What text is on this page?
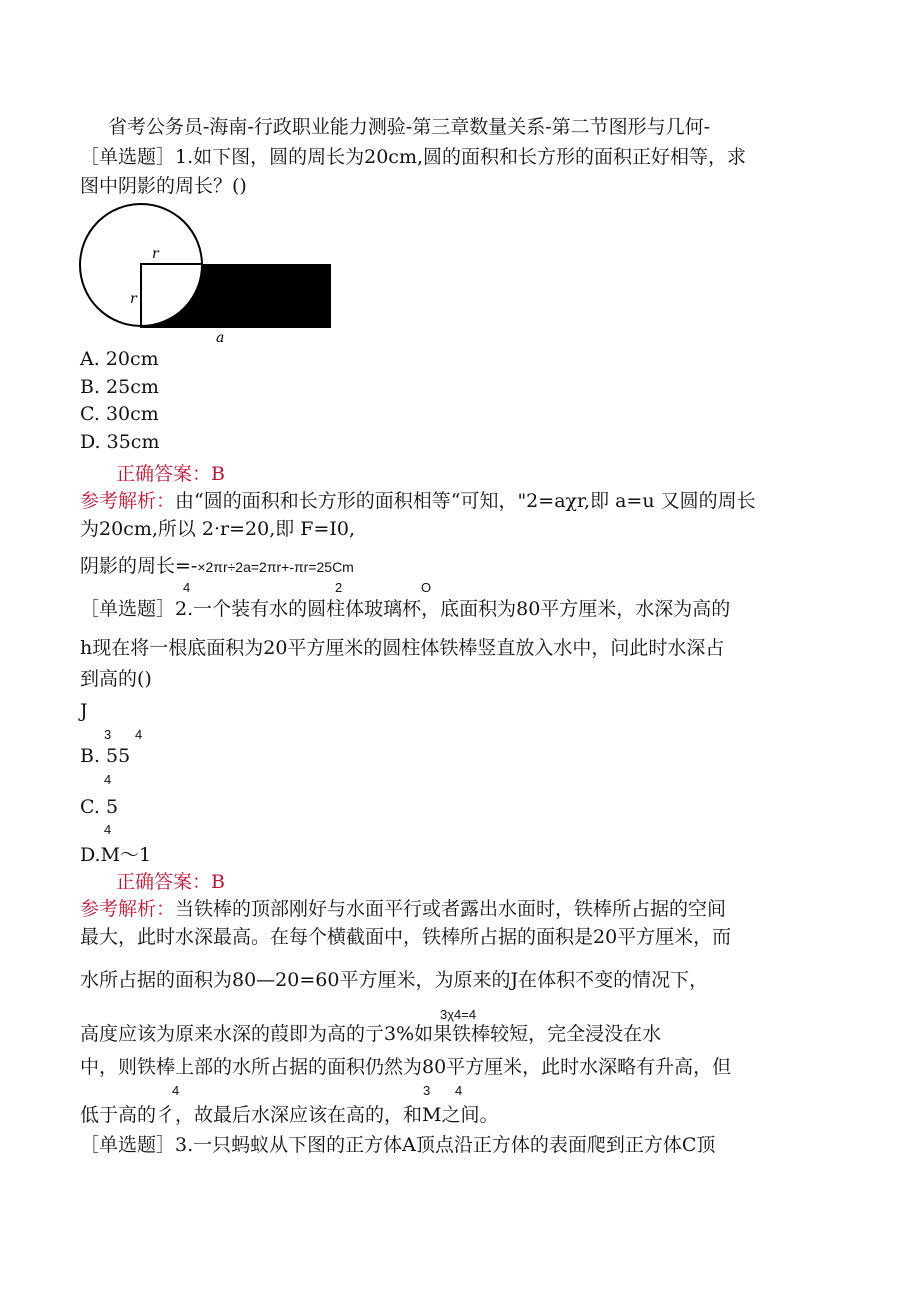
省考公务员-海南-行政职业能力测验-第三章数量关系-第二节图形与几何-
［单选题］1.如下图，圆的周长为20cm,圆的面积和长方形的面积正好相等，求
图中阴影的周长？()
r
r
a
A. 20cm
B. 25cm
C. 30cm
D. 35cm
正确答案：B
参考解析：由“圆的面积和长方形的面积相等“可知，"2=aχr,即 a=u 又圆的周长
为20cm,所以 2·r=20,即 F=I0,
阴影的周长=-×2πr÷2a=2πr+-πr=25Cm
4	2	O
［单选题］2.一个装有水的圆柱体玻璃杯，底面积为80平方厘米，水深为高的
h现在将一根底面积为20平方厘米的圆柱体铁棒竖直放入水中，问此时水深占
到高的()
J
3 4
B. 55
4
C. 5
4
D.M～1
正确答案：B
参考解析：当铁棒的顶部刚好与水面平行或者露出水面时，铁棒所占据的空间
最大，此时水深最高。在每个横截面中，铁棒所占据的面积是20平方厘米，而
水所占据的面积为80—20=60平方厘米，为原来的J在体积不变的情况下，
3χ4=4
高度应该为原来水深的葭即为高的亍3%如果铁棒较短，完全浸没在水
中，则铁棒上部的水所占据的面积仍然为80平方厘米，此时水深略有升高，但
4	3 4
低于高的彳，故最后水深应该在高的，和M之间。
［单选题］3.一只蚂蚁从下图的正方体A顶点沿正方体的表面爬到正方体C顶
